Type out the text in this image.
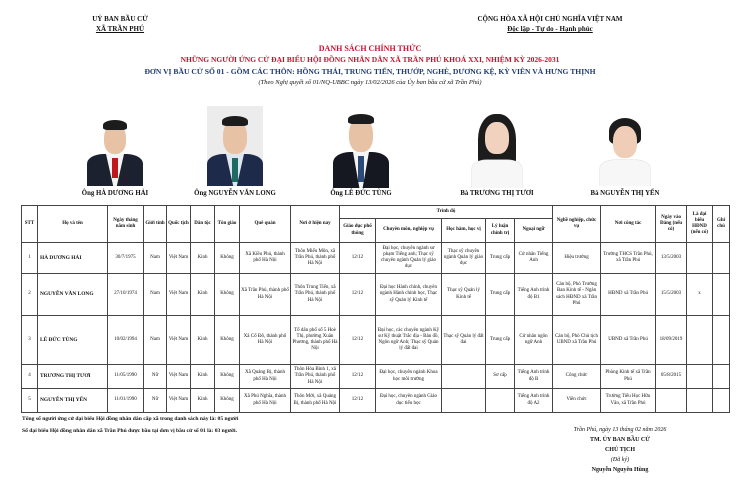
UỶ BAN BẦU CỬ
XÃ TRẦN PHÚ
CỘNG HÒA XÃ HỘI CHỦ NGHĨA VIỆT NAM
Độc lập - Tự do - Hạnh phúc
DANH SÁCH CHÍNH THỨC
NHỮNG NGƯỜI ỨNG CỬ ĐẠI BIỂU HỘI ĐỒNG NHÂN DÂN XÃ TRẦN PHÚ KHOÁ XXI, NHIỆM KỲ 2026-2031
ĐƠN VỊ BẦU CỬ SỐ 01 - GỒM CÁC THÔN: HỒNG THÁI, TRUNG TIẾN, THƯỚP, NGHÈ, DƯƠNG KỆ, KỲ VIÊN VÀ HƯNG THỊNH
(Theo Nghị quyết số 01/NQ-UBBC ngày 13/02/2026 của Ủy ban bầu cử xã Trần Phú)
Ông HÀ DƯƠNG HẢI	Ông NGUYỄN VĂN LONG	Ông LÊ ĐỨC TÙNG	Bà TRƯƠNG THỊ TƯƠI	Bà NGUYỄN THỊ YẾN
STT	Họ và tên	Ngày tháng năm sinh	Giới tính	Quốc tịch	Dân tộc	Tôn giáo	Quê quán	Nơi ở hiện nay	Trình độ					Nghề nghiệp, chức vụ	Nơi công tác	Ngày vào Đảng (nếu có)	Là đại biểu HĐND (nếu có)	Ghi chú
									Giáo dục phổ thông	Chuyên môn, nghiệp vụ	Học hàm, học vị	Lý luận chính trị	Ngoại ngữ					
1	HÀ DƯƠNG HẢI	30/7/1975	Nam	Việt Nam	Kinh	Không	Xã Kiều Phú, thành phố Hà Nội	Thôn Miếu Môn, xã Trần Phú, thành phố Hà Nội	12/12	Đại học, chuyên ngành sư phạm Tiếng anh; Thạc sỹ chuyên ngành Quản lý giáo dục	Thạc sỹ chuyên ngành Quản lý giáo dục	Trung cấp	Cử nhân Tiếng Anh	Hiệu trưởng	Trường THCS Trần Phú, xã Trần Phú	13/5/2003		
2	NGUYỄN VĂN LONG	27/10/1974	Nam	Việt Nam	Kinh	Không	Xã Trần Phú, thành phố Hà Nội	Thôn Trung Tiến, xã Trần Phú, thành phố Hà Nội	12/12	Đại học Hành chính, chuyên ngành Hành chính học, Thạc sỹ Quản lý Kinh tế	Thạc sỹ Quản lý Kinh tế	Trung cấp	Tiếng Anh trình độ B1	Cán bộ, Phó Trưởng Ban Kinh tế - Ngân sách HĐND xã Trần Phú	HĐND xã Trần Phú	15/5/2003	x	
3	LÊ ĐỨC TÙNG	10/02/1994	Nam	Việt Nam	Kinh	Không	Xã Cổ Đô, thành phố Hà Nội	Tổ dân phố số 5 Hoè Thị, phường Xuân Phương, thành phố Hà Nội	12/12	Đại học, các chuyên ngành Kỹ sư Kỹ thuật Trắc địa - Bản đồ, Ngôn ngữ Anh; Thạc sỹ Quản lý đất đai	Thạc sỹ Quản lý đất đai	Trung cấp	Cử nhân ngôn ngữ Anh	Cán bộ, Phó Chủ tịch UBND xã Trần Phú	UBND xã Trần Phú	18/09/2019		
4	TRƯƠNG THỊ TƯƠI	11/05/1990	Nữ	Việt Nam	Kinh	Không	Xã Quảng Bị, thành phố Hà Nội	Thôn Hòa Bình 1, xã Trần Phú, thành phố Hà Nội	12/12	Đại học, chuyên ngành Khoa học môi trường		Sơ cấp	Tiếng Anh trình độ B	Công chức	Phòng Kinh tế xã Trần Phú	05/8/2015		
5	NGUYỄN THỊ YẾN	11/01/1990	Nữ	Việt Nam	Kinh	Không	Xã Phú Nghĩa, thành phố Hà Nội	Thôn Mới, xã Quảng Bị, thành phố Hà Nội	12/12	Đại học, chuyên ngành Giáo dục tiểu học			Tiếng Anh trình độ A2	Viên chức	Trường Tiểu Học Hữu Văn, xã Trần Phú			
Tổng số người ứng cử đại biểu Hội đồng nhân dân cấp xã trong danh sách này là: 05 người
Số đại biểu Hội đồng nhân dân xã Trần Phú được bầu tại đơn vị bầu cử số 01 là: 03 người.	Trần Phú, ngày 13 tháng 02 năm 2026
TM. ỦY BAN BẦU CỬ
CHỦ TỊCH
(Đã ký)
Nguyễn Nguyên Hùng
